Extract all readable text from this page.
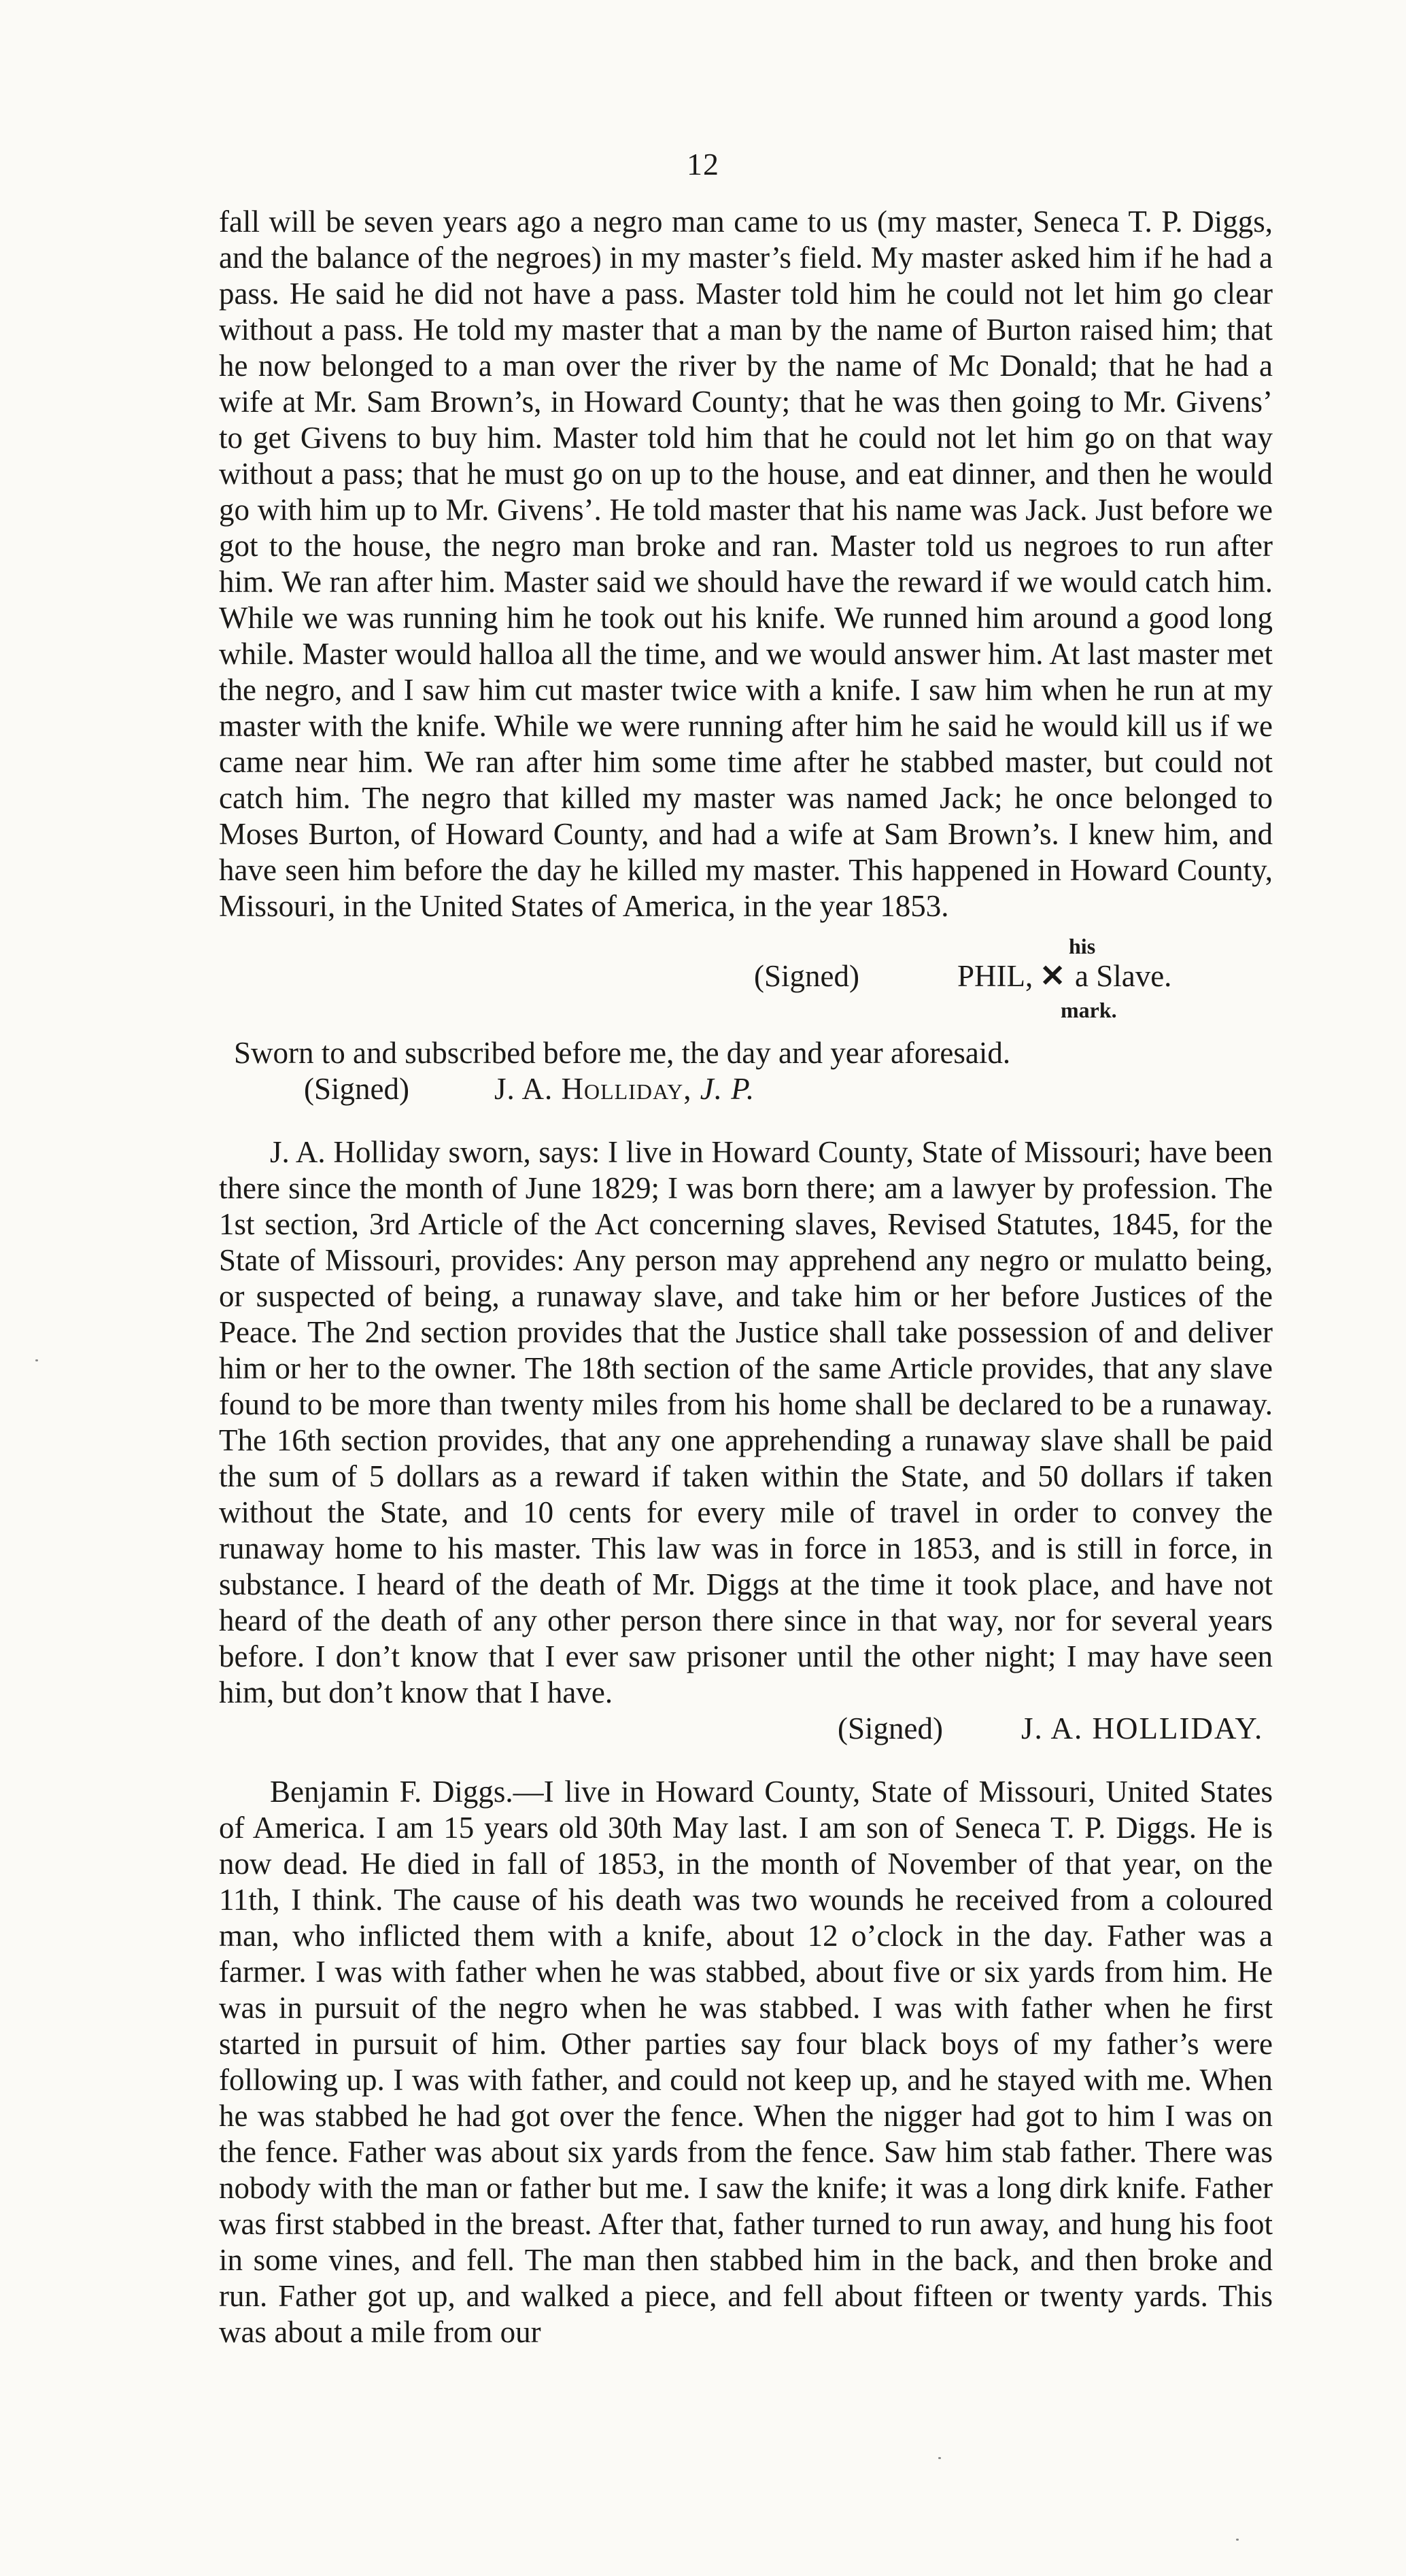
12

fall will be seven years ago a negro man came to us (my master, Seneca T. P. Diggs, and the balance of the negroes) in my master’s field. My master asked him if he had a pass. He said he did not have a pass. Master told him he could not let him go clear without a pass. He told my master that a man by the name of Burton raised him; that he now belonged to a man over the river by the name of Mc Donald; that he had a wife at Mr. Sam Brown’s, in Howard County; that he was then going to Mr. Givens’ to get Givens to buy him. Master told him that he could not let him go on that way without a pass; that he must go on up to the house, and eat dinner, and then he would go with him up to Mr. Givens’. He told master that his name was Jack. Just before we got to the house, the negro man broke and ran. Master told us negroes to run after him. We ran after him. Master said we should have the reward if we would catch him. While we was running him he took out his knife. We runned him around a good long while. Master would halloa all the time, and we would answer him. At last master met the negro, and I saw him cut master twice with a knife. I saw him when he run at my master with the knife. While we were running after him he said he would kill us if we came near him. We ran after him some time after he stabbed master, but could not catch him. The negro that killed my master was named Jack; he once belonged to Moses Burton, of Howard County, and had a wife at Sam Brown’s. I knew him, and have seen him before the day he killed my master. This happened in Howard County, Missouri, in the United States of America, in the year 1853.

his
(Signed)	PHIL, ✕ a Slave.
mark.
Sworn to and subscribed before me, the day and year aforesaid.
(Signed)	J. A. Holliday, J. P.

J. A. Holliday sworn, says: I live in Howard County, State of Missouri; have been there since the month of June 1829; I was born there; am a lawyer by profession. The 1st section, 3rd Article of the Act concerning slaves, Revised Statutes, 1845, for the State of Missouri, provides: Any person may apprehend any negro or mulatto being, or suspected of being, a runaway slave, and take him or her before Justices of the Peace. The 2nd section provides that the Justice shall take possession of and deliver him or her to the owner. The 18th section of the same Article provides, that any slave found to be more than twenty miles from his home shall be declared to be a runaway. The 16th section provides, that any one apprehending a runaway slave shall be paid the sum of 5 dollars as a reward if taken within the State, and 50 dollars if taken without the State, and 10 cents for every mile of travel in order to convey the runaway home to his master. This law was in force in 1853, and is still in force, in substance. I heard of the death of Mr. Diggs at the time it took place, and have not heard of the death of any other person there since in that way, nor for several years before. I don’t know that I ever saw prisoner until the other night; I may have seen him, but don’t know that I have.

(Signed)	J. A. HOLLIDAY.

Benjamin F. Diggs.—I live in Howard County, State of Missouri, United States of America. I am 15 years old 30th May last. I am son of Seneca T. P. Diggs. He is now dead. He died in fall of 1853, in the month of November of that year, on the 11th, I think. The cause of his death was two wounds he received from a coloured man, who inflicted them with a knife, about 12 o’clock in the day. Father was a farmer. I was with father when he was stabbed, about five or six yards from him. He was in pursuit of the negro when he was stabbed. I was with father when he first started in pursuit of him. Other parties say four black boys of my father’s were following up. I was with father, and could not keep up, and he stayed with me. When he was stabbed he had got over the fence. When the nigger had got to him I was on the fence. Father was about six yards from the fence. Saw him stab father. There was nobody with the man or father but me. I saw the knife; it was a long dirk knife. Father was first stabbed in the breast. After that, father turned to run away, and hung his foot in some vines, and fell. The man then stabbed him in the back, and then broke and run. Father got up, and walked a piece, and fell about fifteen or twenty yards. This was about a mile from our
